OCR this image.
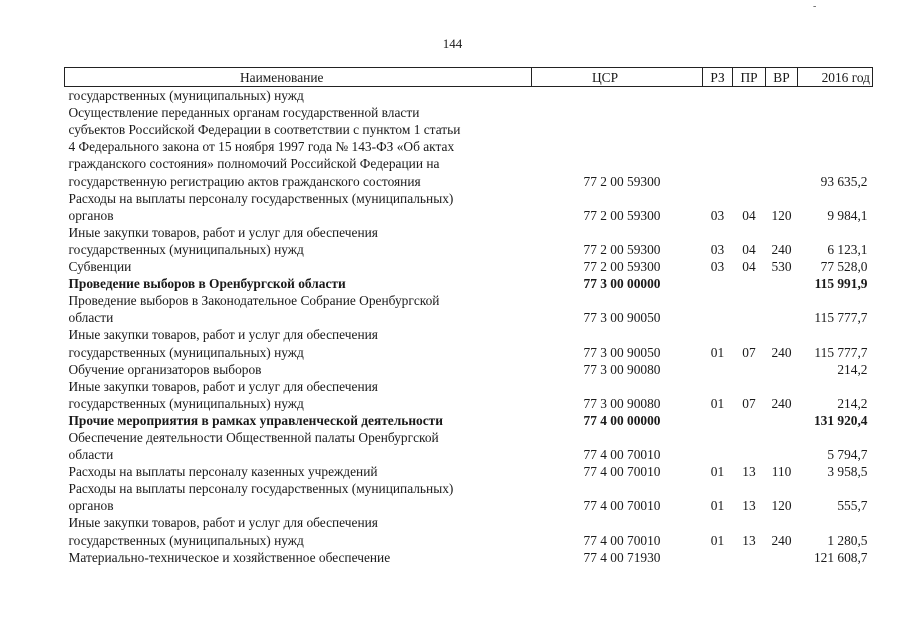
144
-
Наименование	ЦСР	РЗ	ПР	ВР	2016 год

государственных (муниципальных) нужд					

Осуществление переданных органам государственной власти
субъектов Российской Федерации в соответствии с пунктом 1 статьи
4 Федерального закона от 15 ноября 1997 года № 143-ФЗ «Об актах
гражданского состояния» полномочий Российской Федерации на
государственную регистрацию актов гражданского состояния	77 2 00 59300				93 635,2

Расходы на выплаты персоналу государственных (муниципальных)
органов	77 2 00 59300	03	04	120	9 984,1

Иные закупки товаров, работ и услуг для обеспечения
государственных (муниципальных) нужд	77 2 00 59300	03	04	240	6 123,1

Субвенции	77 2 00 59300	03	04	530	77 528,0

Проведение выборов в Оренбургской области	77 3 00 00000				115 991,9

Проведение выборов в Законодательное Собрание Оренбургской
области	77 3 00 90050				115 777,7

Иные закупки товаров, работ и услуг для обеспечения
государственных (муниципальных) нужд	77 3 00 90050	01	07	240	115 777,7

Обучение организаторов выборов	77 3 00 90080				214,2

Иные закупки товаров, работ и услуг для обеспечения
государственных (муниципальных) нужд	77 3 00 90080	01	07	240	214,2

Прочие мероприятия в рамках управленческой деятельности	77 4 00 00000				131 920,4

Обеспечение деятельности Общественной палаты Оренбургской
области	77 4 00 70010				5 794,7

Расходы на выплаты персоналу казенных учреждений	77 4 00 70010	01	13	110	3 958,5

Расходы на выплаты персоналу государственных (муниципальных)
органов	77 4 00 70010	01	13	120	555,7

Иные закупки товаров, работ и услуг для обеспечения
государственных (муниципальных) нужд	77 4 00 70010	01	13	240	1 280,5

Материально-техническое и хозяйственное обеспечение	77 4 00 71930				121 608,7
